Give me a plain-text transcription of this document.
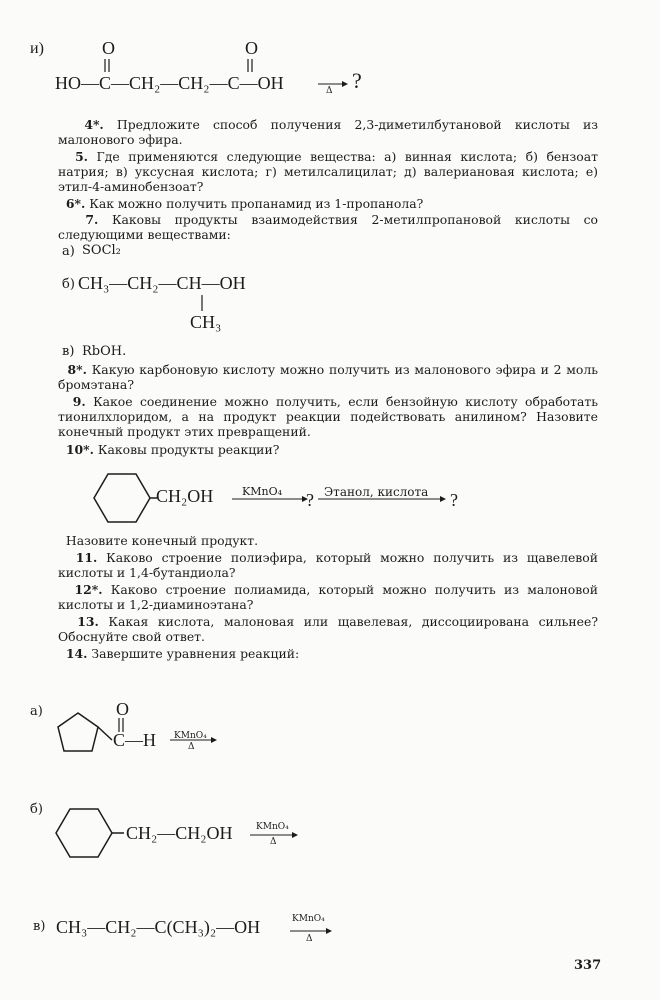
и)	O	O
HO—C—CH₂—CH₂—C—OH	Δ ?
4*. Предложите способ получения 2,3-диметилбутановой кислоты из малонового эфира.
5. Где применяются следующие вещества: а) винная кислота; б) бензоат натрия; в) уксусная кислота; г) метилсалицилат; д) валериановая кислота; е) этил-4-аминобензоат?
6*. Как можно получить пропанамид из 1-пропанола?
7. Каковы продукты взаимодействия 2-метилпропановой кислоты со следующими веществами:
а) SOCl₂
б) CH₃—CH₂—CH—OH
CH₃
в) RbOH.
8*. Какую карбоновую кислоту можно получить из малонового эфира и 2 моль бромэтана?
9. Какое соединение можно получить, если бензойную кислоту обработать тионилхлоридом, а на продукт реакции подействовать анилином? Назовите конечный продукт этих превращений.
10*. Каковы продукты реакции?
CH₂OH	KMnO₄ ? Этанол, кислота ?
Назовите конечный продукт.
11. Каково строение полиэфира, который можно получить из щавелевой кислоты и 1,4-бутандиола?
12*. Каково строение полиамида, который можно получить из малоновой кислоты и 1,2-диаминоэтана?
13. Какая кислота, малоновая или щавелевая, диссоциирована сильнее? Обоснуйте свой ответ.
14. Завершите уравнения реакций:
а)	O
C—H KMnO₄
Δ
б)
CH₂—CH₂OH	KMnO₄
Δ
в) CH₃—CH₂—C(CH₃)₂—OH	KMnO₄
Δ
337
